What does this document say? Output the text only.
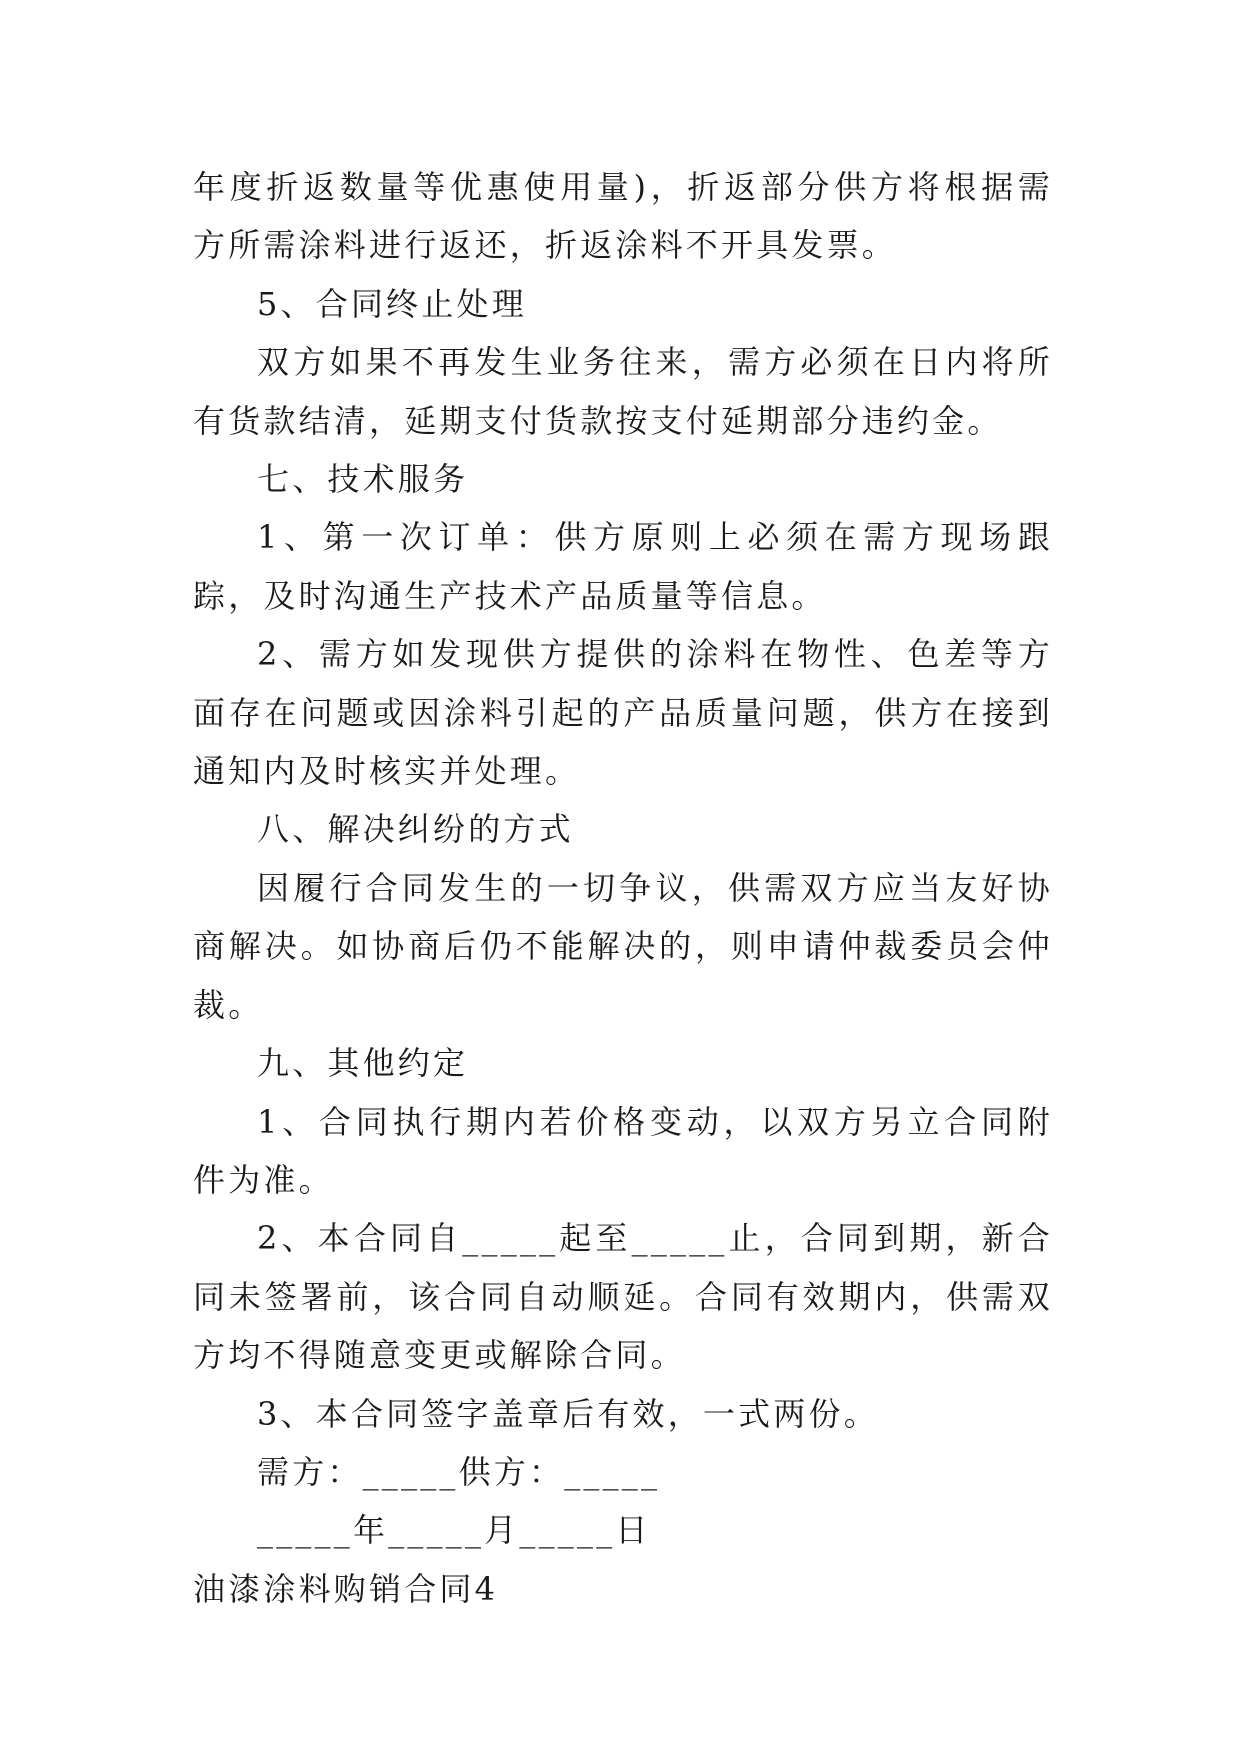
年度折返数量等优惠使用量)，折返部分供方将根据需方所需涂料进行返还，折返涂料不开具发票。

5、合同终止处理

双方如果不再发生业务往来，需方必须在日内将所有货款结清，延期支付货款按支付延期部分违约金。

七、技术服务

1、第一次订单：供方原则上必须在需方现场跟踪，及时沟通生产技术产品质量等信息。

2、需方如发现供方提供的涂料在物性、色差等方面存在问题或因涂料引起的产品质量问题，供方在接到通知内及时核实并处理。

八、解决纠纷的方式

因履行合同发生的一切争议，供需双方应当友好协商解决。如协商后仍不能解决的，则申请仲裁委员会仲裁。

九、其他约定

1、合同执行期内若价格变动，以双方另立合同附件为准。

2、本合同自_____起至_____止，合同到期，新合同未签署前，该合同自动顺延。合同有效期内，供需双方均不得随意变更或解除合同。

3、本合同签字盖章后有效，一式两份。

需方：_____供方：_____

_____年_____月_____日

油漆涂料购销合同4
